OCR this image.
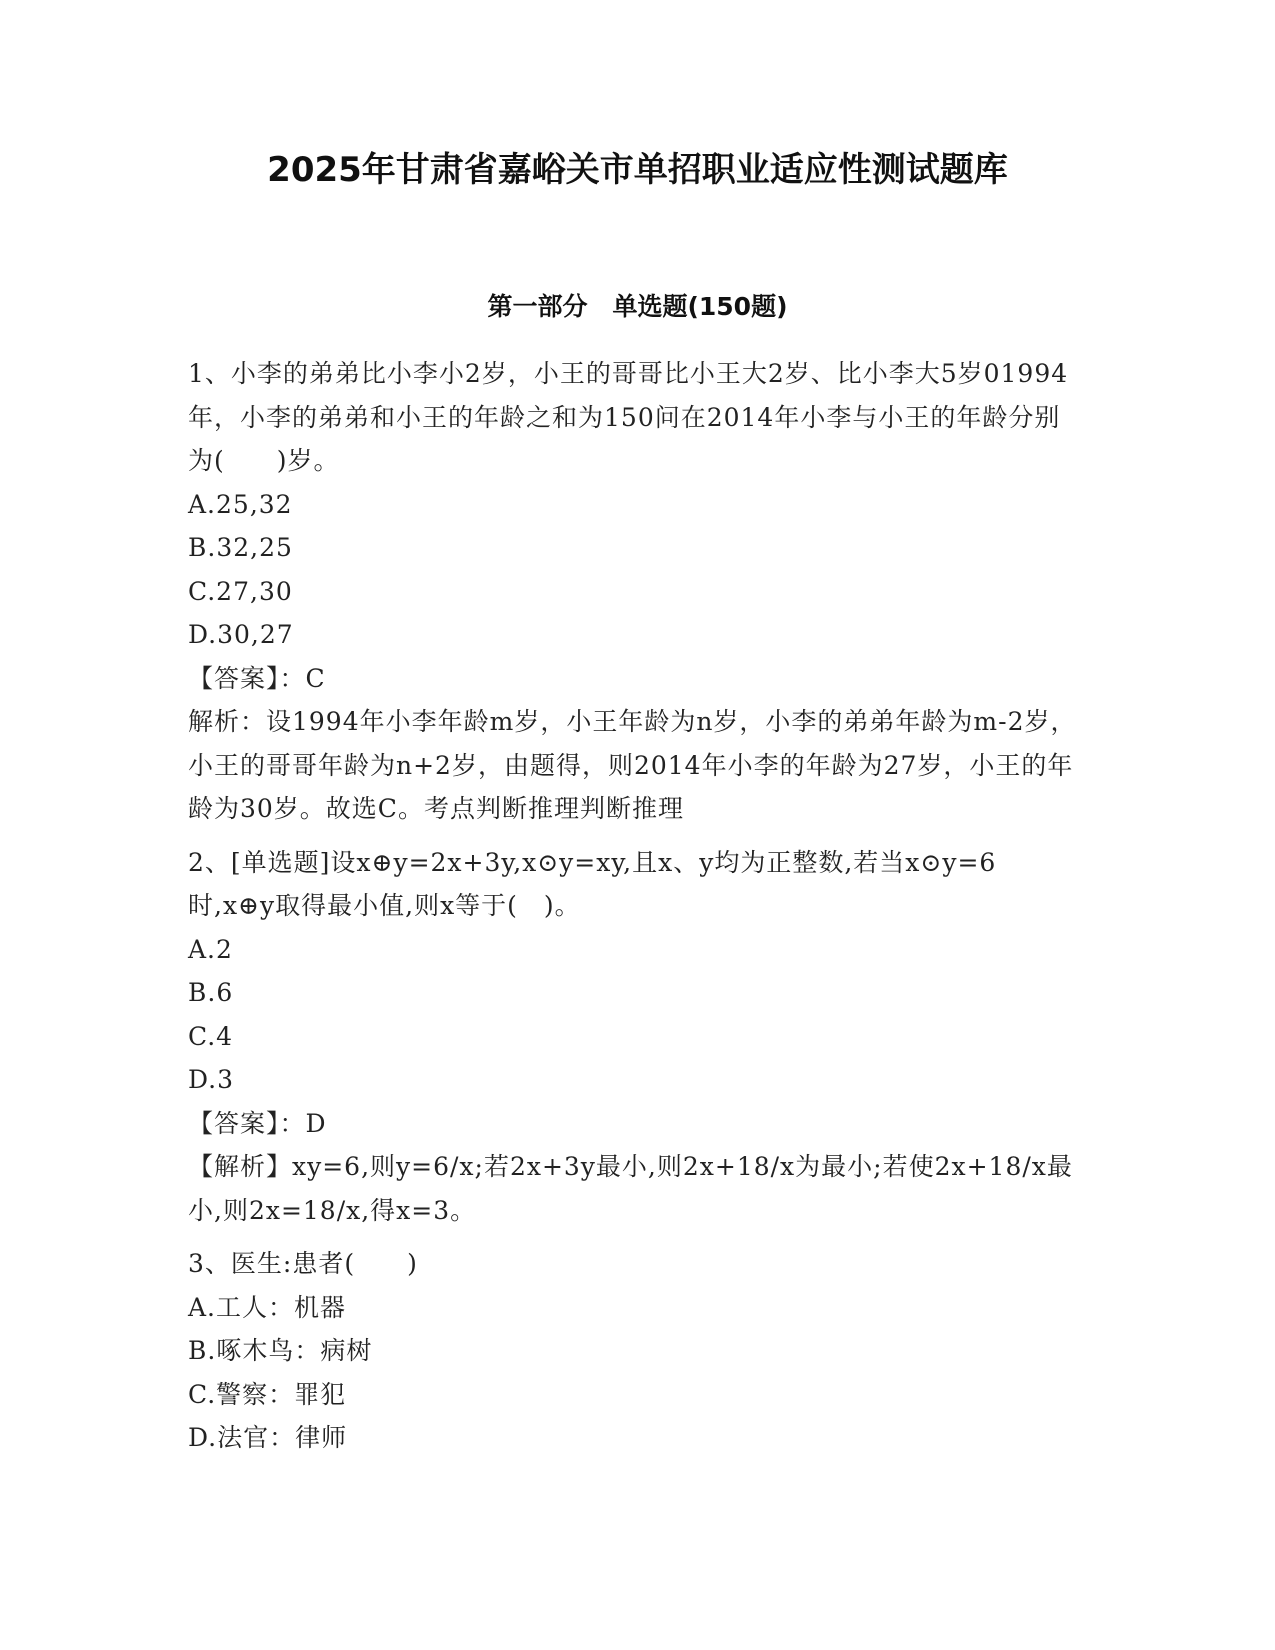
2025年甘肃省嘉峪关市单招职业适应性测试题库
第一部分　单选题(150题)

1、小李的弟弟比小李小2岁，小王的哥哥比小王大2岁、比小李大5岁01994年，小李的弟弟和小王的年龄之和为150问在2014年小李与小王的年龄分别为(　　)岁。

A.25,32

B.32,25

C.27,30

D.30,27

【答案】：C

解析：设1994年小李年龄m岁，小王年龄为n岁，小李的弟弟年龄为m-2岁，小王的哥哥年龄为n+2岁，由题得，则2014年小李的年龄为27岁，小王的年龄为30岁。故选C。考点判断推理判断推理

2、[单选题]设x⊕y=2x+3y,x⊙y=xy,且x、y均为正整数,若当x⊙y=6时,x⊕y取得最小值,则x等于(　)。

A.2

B.6

C.4

D.3

【答案】：D

【解析】xy=6,则y=6/x;若2x+3y最小,则2x+18/x为最小;若使2x+18/x最小,则2x=18/x,得x=3。

3、医生:患者(　　)

A.工人：机器

B.啄木鸟：病树

C.警察：罪犯

D.法官：律师
